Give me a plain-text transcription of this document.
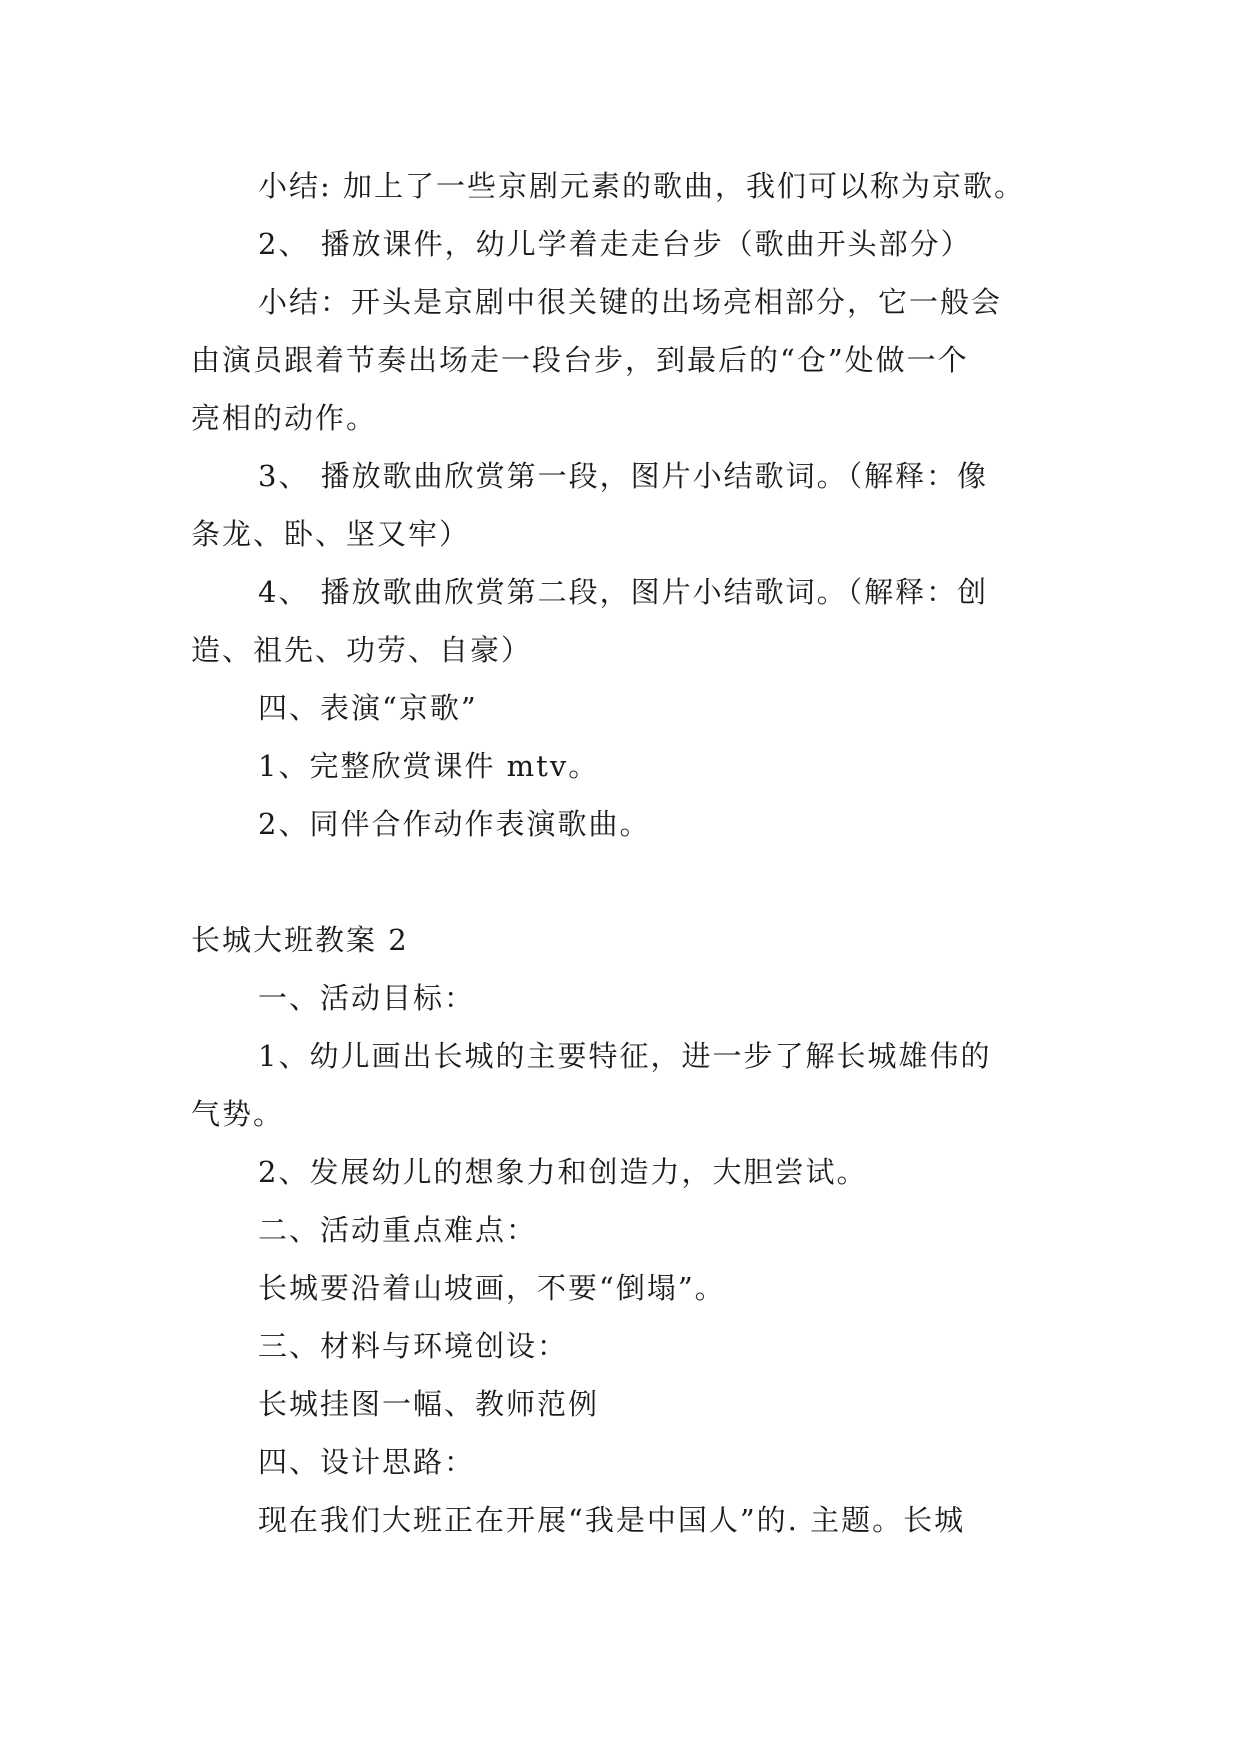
小结: 加上了一些京剧元素的歌曲，我们可以称为京歌。
2、 播放课件，幼儿学着走走台步（歌曲开头部分）
小结：开头是京剧中很关键的出场亮相部分，它一般会
由演员跟着节奏出场走一段台步，到最后的“仓”处做一个
亮相的动作。
3、 播放歌曲欣赏第一段，图片小结歌词。（解释：像
条龙、卧、坚又牢）
4、 播放歌曲欣赏第二段，图片小结歌词。（解释：创
造、祖先、功劳、自豪）
四、表演“京歌”
1、完整欣赏课件 mtv。
2、同伴合作动作表演歌曲。
长城大班教案 2
一、活动目标：
1、幼儿画出长城的主要特征，进一步了解长城雄伟的
气势。
2、发展幼儿的想象力和创造力，大胆尝试。
二、活动重点难点：
长城要沿着山坡画，不要“倒塌”。
三、材料与环境创设：
长城挂图一幅、教师范例
四、设计思路：
现在我们大班正在开展“我是中国人”的. 主题。长城
